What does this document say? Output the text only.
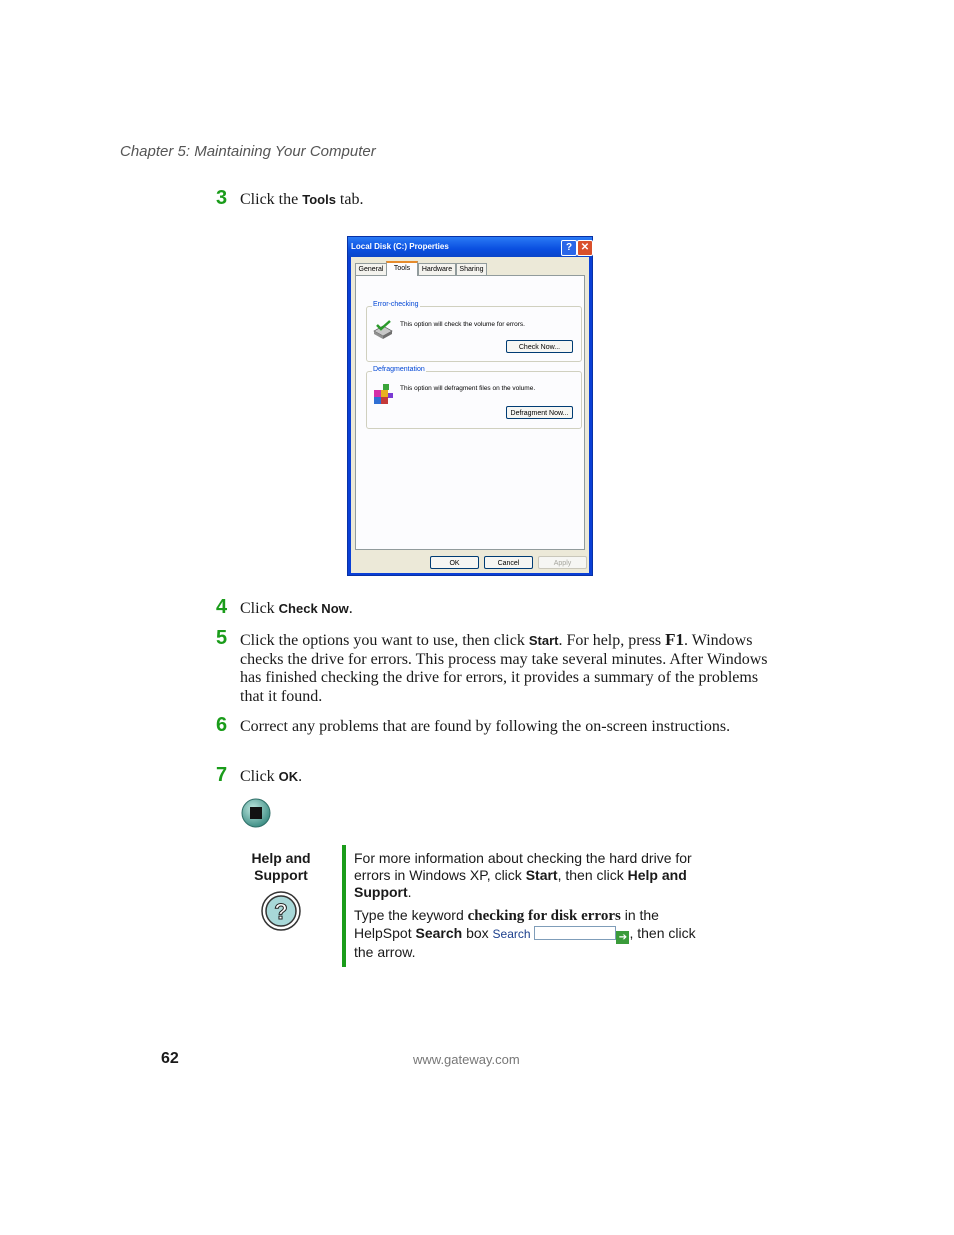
Chapter 5: Maintaining Your Computer
3 Click the Tools tab.
Local Disk (C:) Properties	? ✕
General	Tools	Hardware	Sharing
Error-checking
This option will check the volume for errors.
Check Now...
Defragmentation
This option will defragment files on the volume.
Defragment Now...
OK	Cancel	Apply
4 Click Check Now.
5 Click the options you want to use, then click Start. For help, press F1. Windows checks the drive for errors. This process may take several minutes. After Windows has finished checking the drive for errors, it provides a summary of the problems that it found.
6 Correct any problems that are found by following the on-screen instructions.
7 Click OK.
Help and
Support
?
For more information about checking the hard drive for errors in Windows XP, click Start, then click Help and Support.
Type the keyword checking for disk errors in the HelpSpot Search box Search	➔ , then click the arrow.
62	www.gateway.com
